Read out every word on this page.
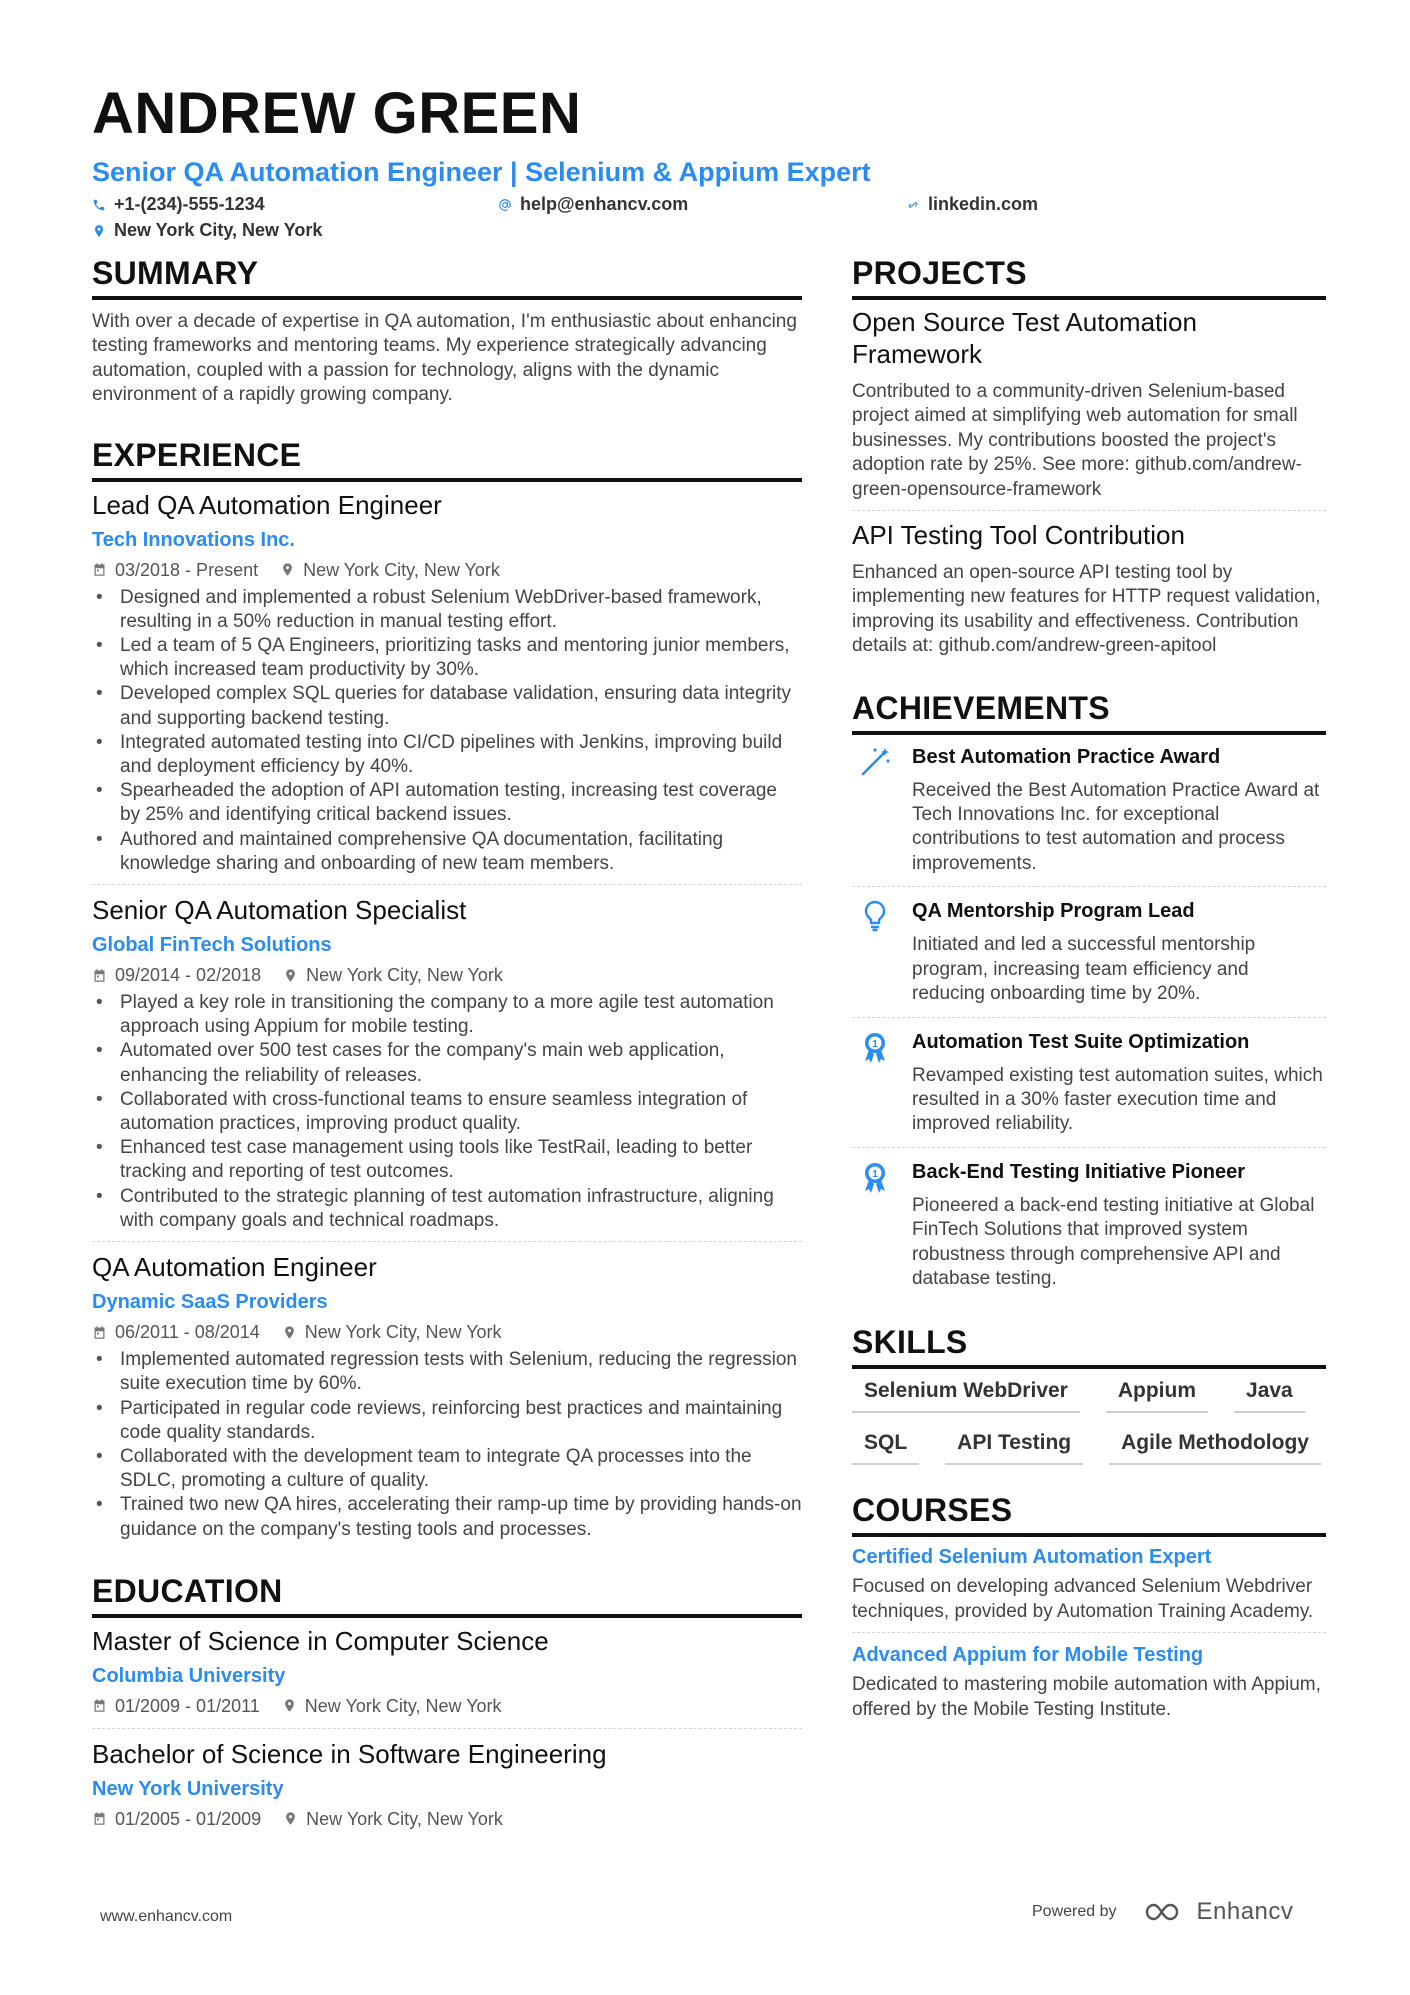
ANDREW GREEN
Senior QA Automation Engineer | Selenium & Appium Expert
+1-(234)-555-1234	help@enhancv.com	linkedin.com
New York City, New York
SUMMARY
With over a decade of expertise in QA automation, I'm enthusiastic about enhancing testing frameworks and mentoring teams. My experience strategically advancing automation, coupled with a passion for technology, aligns with the dynamic environment of a rapidly growing company.
EXPERIENCE
Lead QA Automation Engineer
Tech Innovations Inc.
03/2018 - Present	New York City, New York
• Designed and implemented a robust Selenium WebDriver-based framework, resulting in a 50% reduction in manual testing effort.
• Led a team of 5 QA Engineers, prioritizing tasks and mentoring junior members, which increased team productivity by 30%.
• Developed complex SQL queries for database validation, ensuring data integrity and supporting backend testing.
• Integrated automated testing into CI/CD pipelines with Jenkins, improving build and deployment efficiency by 40%.
• Spearheaded the adoption of API automation testing, increasing test coverage by 25% and identifying critical backend issues.
• Authored and maintained comprehensive QA documentation, facilitating knowledge sharing and onboarding of new team members.
Senior QA Automation Specialist
Global FinTech Solutions
09/2014 - 02/2018	New York City, New York
• Played a key role in transitioning the company to a more agile test automation approach using Appium for mobile testing.
• Automated over 500 test cases for the company's main web application, enhancing the reliability of releases.
• Collaborated with cross-functional teams to ensure seamless integration of automation practices, improving product quality.
• Enhanced test case management using tools like TestRail, leading to better tracking and reporting of test outcomes.
• Contributed to the strategic planning of test automation infrastructure, aligning with company goals and technical roadmaps.
QA Automation Engineer
Dynamic SaaS Providers
06/2011 - 08/2014	New York City, New York
• Implemented automated regression tests with Selenium, reducing the regression suite execution time by 60%.
• Participated in regular code reviews, reinforcing best practices and maintaining code quality standards.
• Collaborated with the development team to integrate QA processes into the SDLC, promoting a culture of quality.
• Trained two new QA hires, accelerating their ramp-up time by providing hands-on guidance on the company's testing tools and processes.
EDUCATION
Master of Science in Computer Science
Columbia University
01/2009 - 01/2011	New York City, New York
Bachelor of Science in Software Engineering
New York University
01/2005 - 01/2009	New York City, New York
PROJECTS
Open Source Test Automation Framework
Contributed to a community-driven Selenium-based project aimed at simplifying web automation for small businesses. My contributions boosted the project's adoption rate by 25%. See more: github.com/andrew-green-opensource-framework
API Testing Tool Contribution
Enhanced an open-source API testing tool by implementing new features for HTTP request validation, improving its usability and effectiveness. Contribution details at: github.com/andrew-green-apitool
ACHIEVEMENTS
Best Automation Practice Award
Received the Best Automation Practice Award at Tech Innovations Inc. for exceptional contributions to test automation and process improvements.
QA Mentorship Program Lead
Initiated and led a successful mentorship program, increasing team efficiency and reducing onboarding time by 20%.
1 Automation Test Suite Optimization
Revamped existing test automation suites, which resulted in a 30% faster execution time and improved reliability.
1 Back-End Testing Initiative Pioneer
Pioneered a back-end testing initiative at Global FinTech Solutions that improved system robustness through comprehensive API and database testing.
SKILLS
Selenium WebDriver	Appium	Java
SQL	API Testing	Agile Methodology
COURSES
Certified Selenium Automation Expert
Focused on developing advanced Selenium Webdriver techniques, provided by Automation Training Academy.
Advanced Appium for Mobile Testing
Dedicated to mastering mobile automation with Appium, offered by the Mobile Testing Institute.
www.enhancv.com	Powered by	Enhancv
